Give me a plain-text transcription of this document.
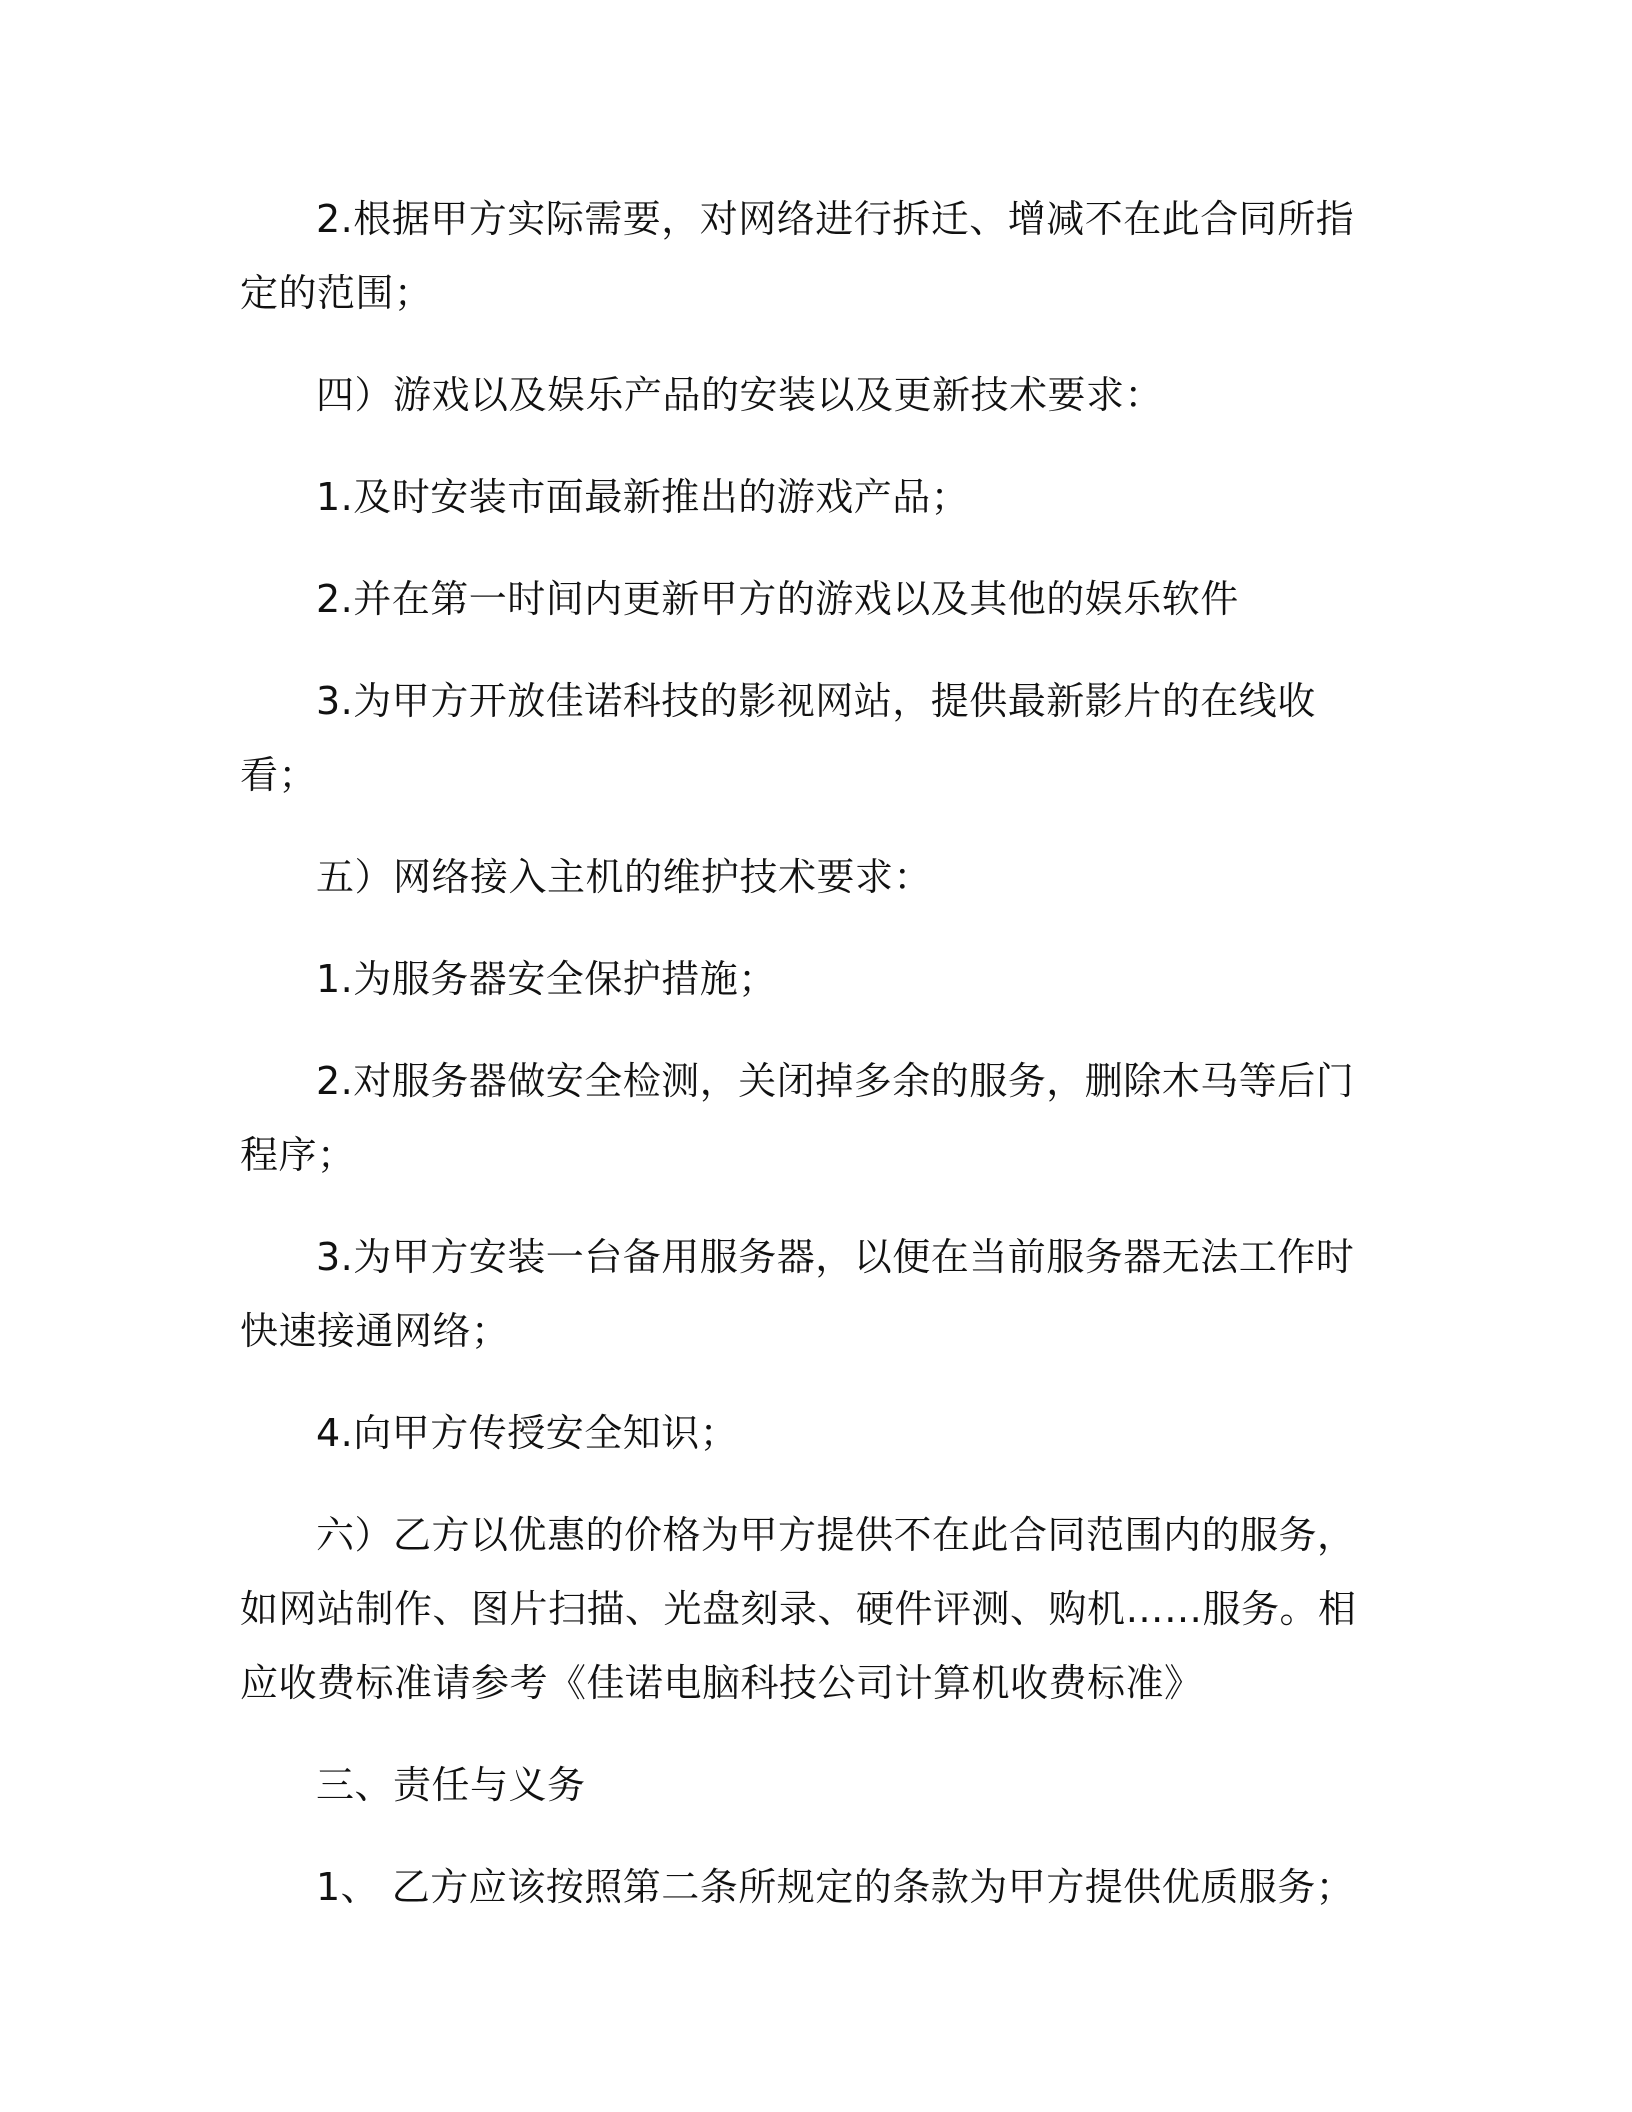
2.根据甲方实际需要，对网络进行拆迁、增减不在此合同所指定的范围；

四）游戏以及娱乐产品的安装以及更新技术要求：

1.及时安装市面最新推出的游戏产品；

2.并在第一时间内更新甲方的游戏以及其他的娱乐软件

3.为甲方开放佳诺科技的影视网站，提供最新影片的在线收看；

五）网络接入主机的维护技术要求：

1.为服务器安全保护措施；

2.对服务器做安全检测，关闭掉多余的服务，删除木马等后门程序；

3.为甲方安装一台备用服务器，以便在当前服务器无法工作时快速接通网络；

4.向甲方传授安全知识；

六）乙方以优惠的价格为甲方提供不在此合同范围内的服务，如网站制作、图片扫描、光盘刻录、硬件评测、购机……服务。相应收费标准请参考《佳诺电脑科技公司计算机收费标准》

三、责任与义务

1、 乙方应该按照第二条所规定的条款为甲方提供优质服务；
